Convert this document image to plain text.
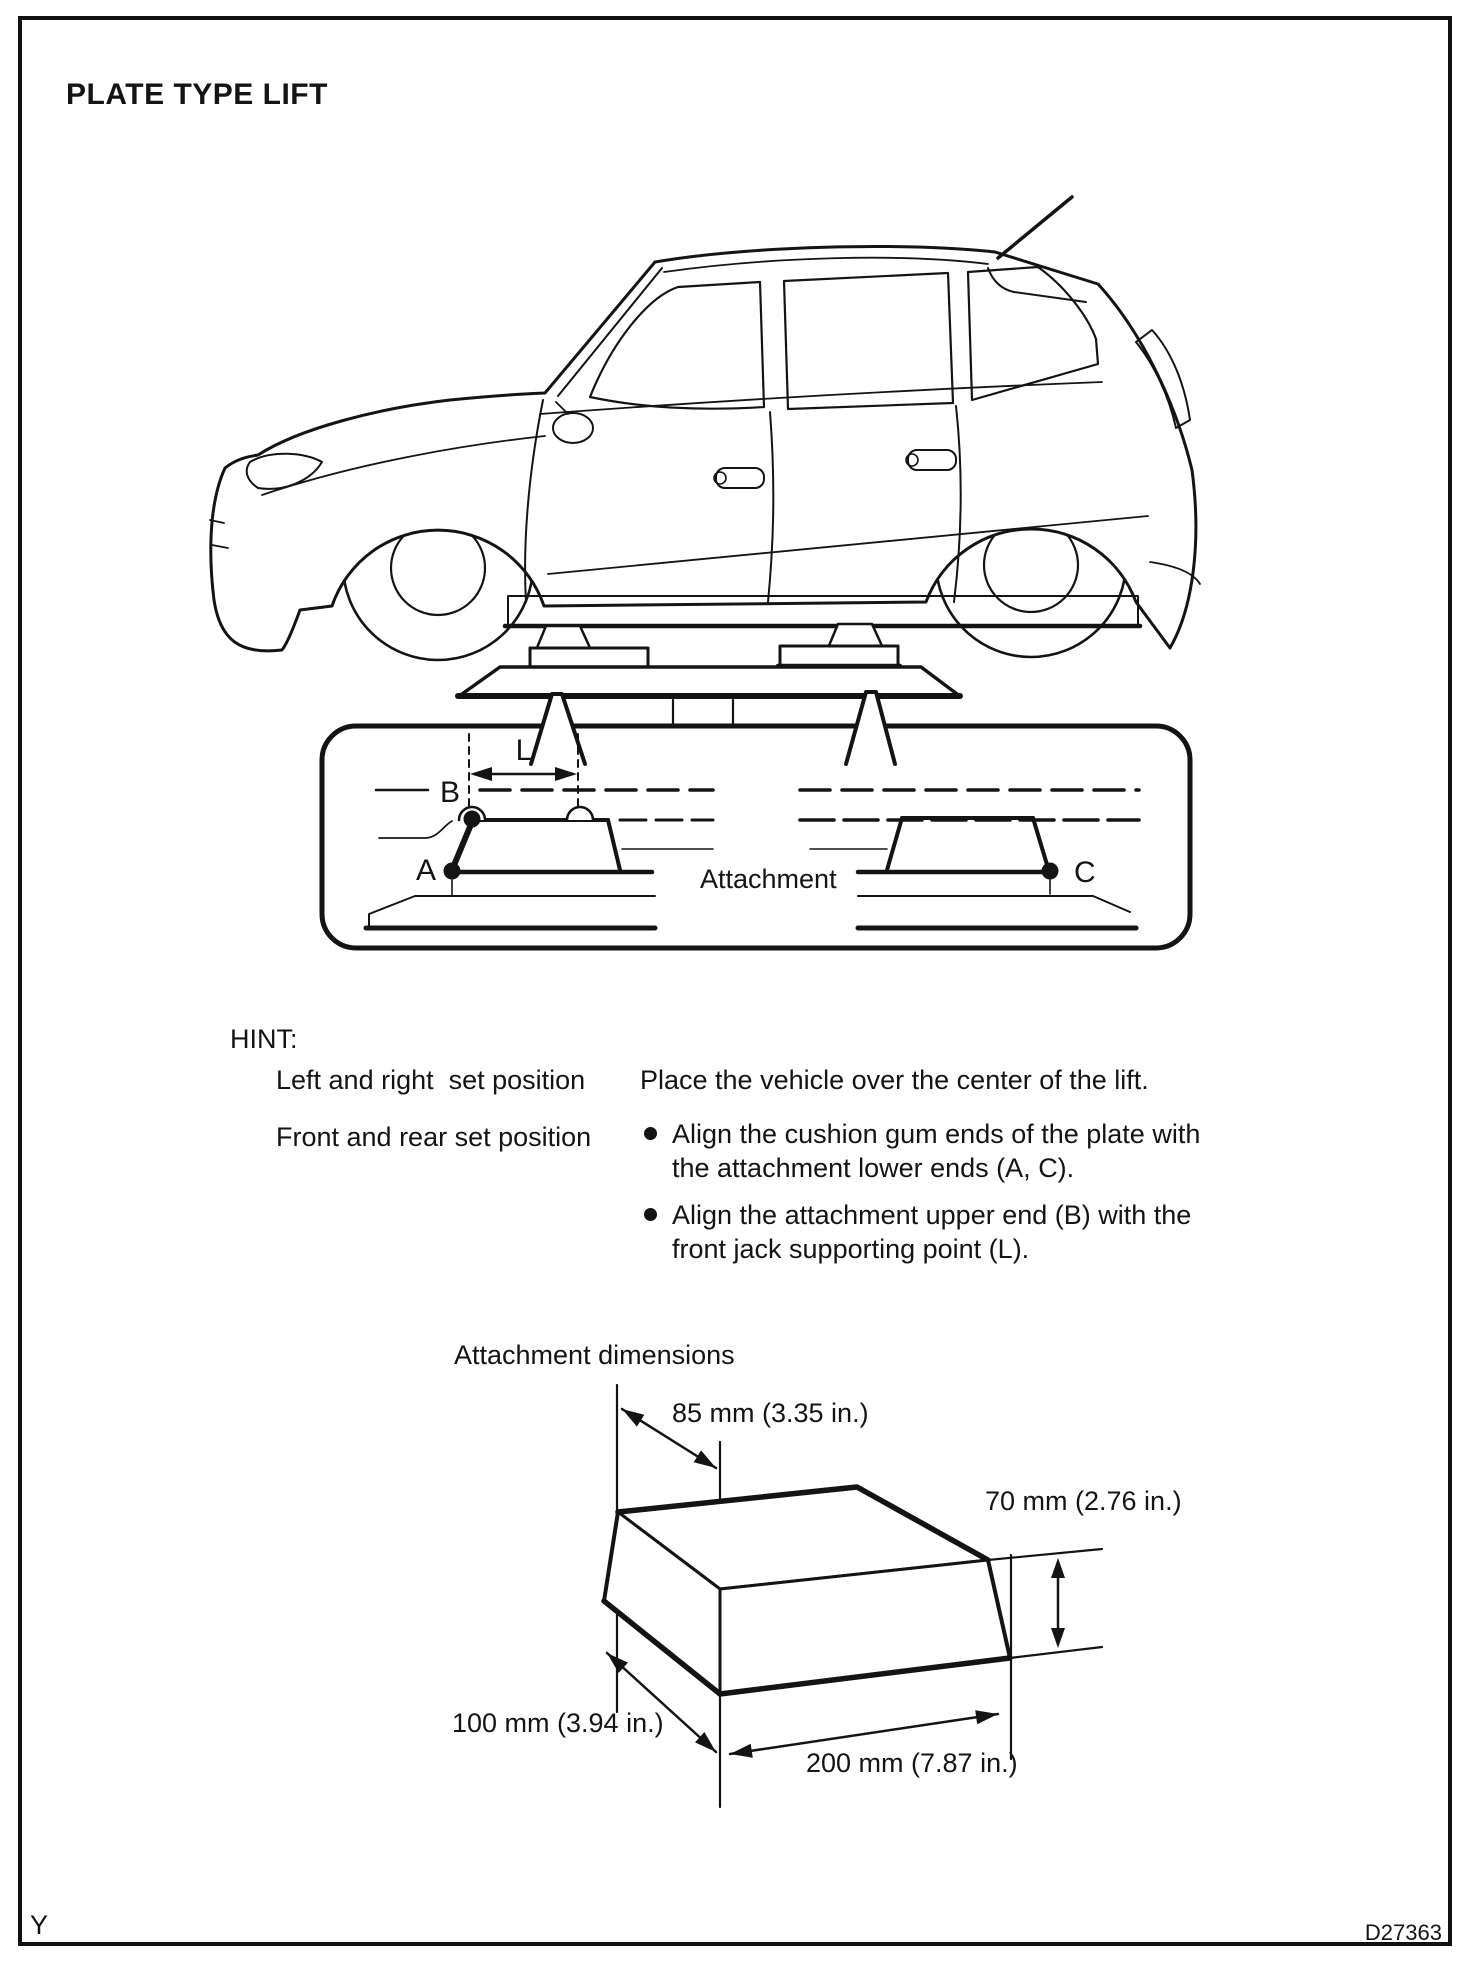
PLATE TYPE LIFT
L
B
A	C
Attachment
HINT:
Left and right  set position	Place the vehicle over the center of the lift.
Front and rear set position	Align the cushion gum ends of the plate with the attachment lower ends (A, C).
Align the attachment upper end (B) with the front jack supporting point (L).
Attachment dimensions
85 mm (3.35 in.)
70 mm (2.76 in.)
100 mm (3.94 in.)
200 mm (7.87 in.)
Y	D27363
